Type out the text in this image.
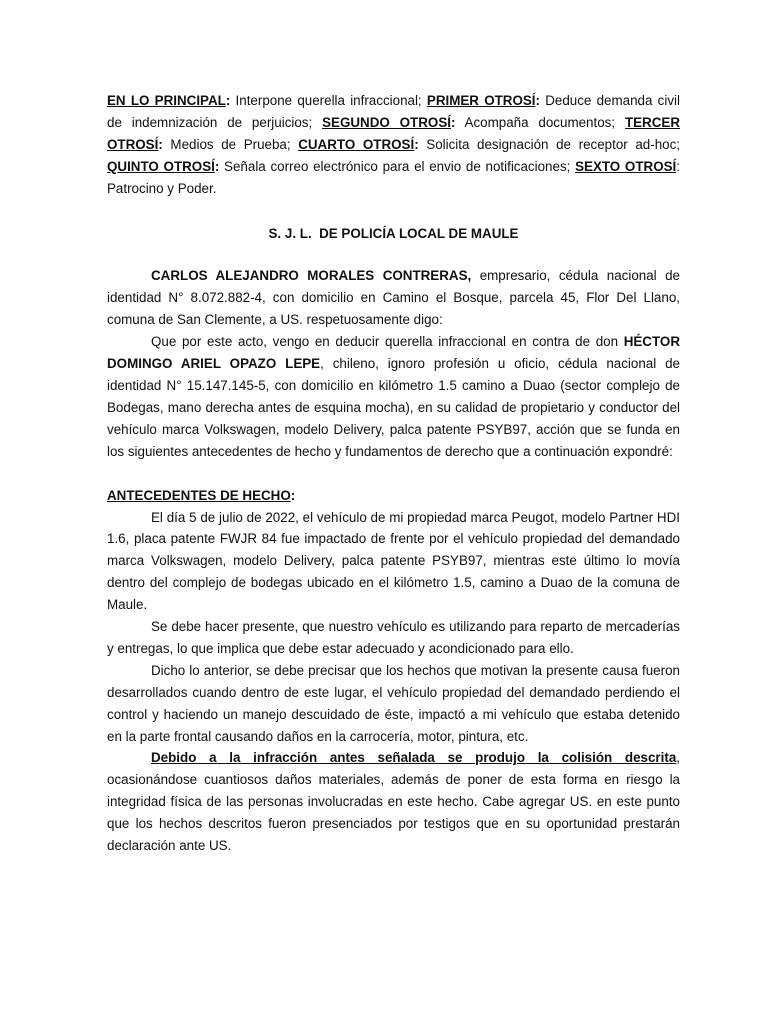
EN LO PRINCIPAL: Interpone querella infraccional; PRIMER OTROSÍ: Deduce demanda civil de indemnización de perjuicios; SEGUNDO OTROSÍ: Acompaña documentos; TERCER OTROSÍ: Medios de Prueba; CUARTO OTROSÍ: Solicita designación de receptor ad-hoc; QUINTO OTROSÍ: Señala correo electrónico para el envio de notificaciones; SEXTO OTROSÍ: Patrocino y Poder.

S. J. L.  DE POLICÍA LOCAL DE MAULE

CARLOS ALEJANDRO MORALES CONTRERAS, empresario, cédula nacional de identidad N° 8.072.882-4, con domicilio en Camino el Bosque, parcela 45, Flor Del Llano, comuna de San Clemente, a US. respetuosamente digo:

Que por este acto, vengo en deducir querella infraccional en contra de don HÉCTOR DOMINGO ARIEL OPAZO LEPE, chileno, ignoro profesión u oficio, cédula nacional de identidad N° 15.147.145-5, con domicilio en kilómetro 1.5 camino a Duao (sector complejo de Bodegas, mano derecha antes de esquina mocha), en su calidad de propietario y conductor del vehículo marca Volkswagen, modelo Delivery, palca patente PSYB97, acción que se funda en los siguientes antecedentes de hecho y fundamentos de derecho que a continuación expondré:

ANTECEDENTES DE HECHO:

El día 5 de julio de 2022, el vehículo de mi propiedad marca Peugot, modelo Partner HDI 1.6, placa patente FWJR 84 fue impactado de frente por el vehículo propiedad del demandado marca Volkswagen, modelo Delivery, palca patente PSYB97, mientras este último lo movía dentro del complejo de bodegas ubicado en el kilómetro 1.5, camino a Duao de la comuna de Maule.

Se debe hacer presente, que nuestro vehículo es utilizando para reparto de mercaderías y entregas, lo que implica que debe estar adecuado y acondicionado para ello.

Dicho lo anterior, se debe precisar que los hechos que motivan la presente causa fueron desarrollados cuando dentro de este lugar, el vehículo propiedad del demandado perdiendo el control y haciendo un manejo descuidado de éste, impactó a mi vehículo que estaba detenido en la parte frontal causando daños en la carrocería, motor, pintura, etc.

Debido a la infracción antes señalada se produjo la colisión descrita, ocasionándose cuantiosos daños materiales, además de poner de esta forma en riesgo la integridad física de las personas involucradas en este hecho. Cabe agregar US. en este punto que los hechos descritos fueron presenciados por testigos que en su oportunidad prestarán declaración ante US.
